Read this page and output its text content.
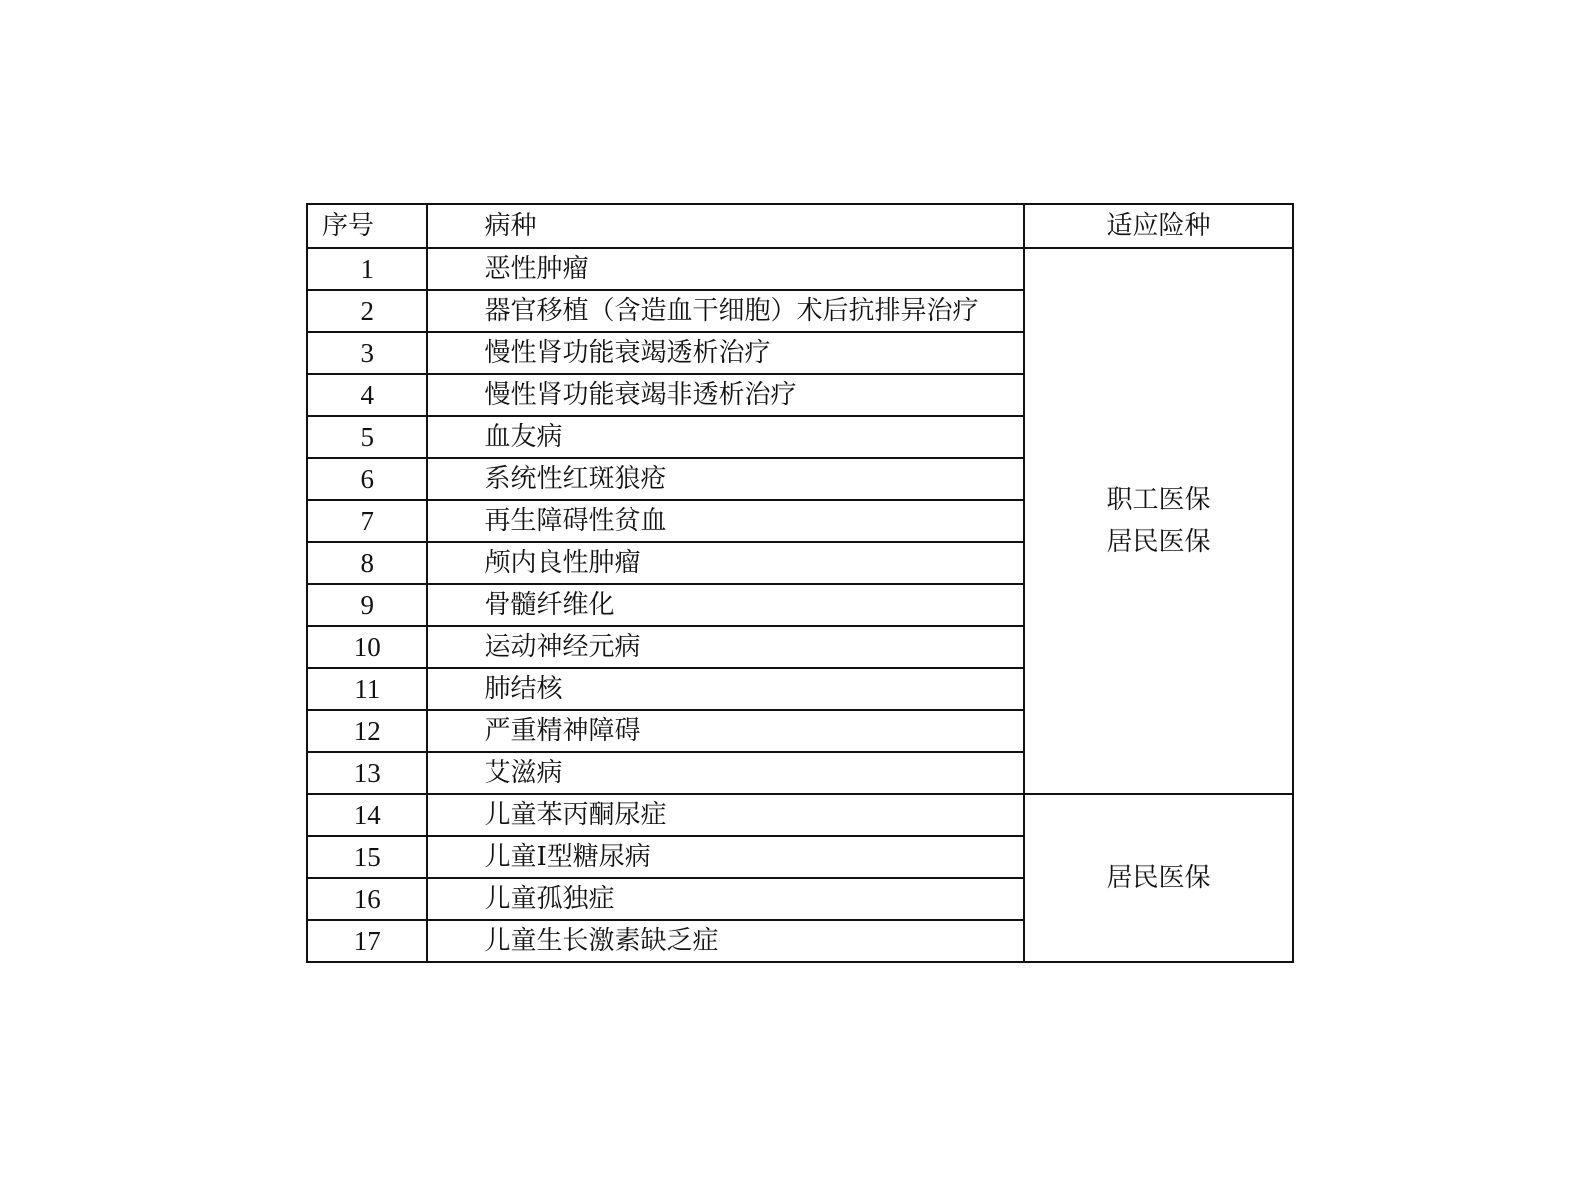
序号	病种	适应险种
1	恶性肿瘤	职工医保
居民医保

2	器官移植（含造血干细胞）术后抗排异治疗	
3	慢性肾功能衰竭透析治疗	
4	慢性肾功能衰竭非透析治疗	
5	血友病	
6	系统性红斑狼疮	
7	再生障碍性贫血	
8	颅内良性肿瘤	
9	骨髓纤维化	
10	运动神经元病	
11	肺结核	
12	严重精神障碍	
13	艾滋病	
14	儿童苯丙酮尿症	居民医保

15	儿童Ⅰ型糖尿病	
16	儿童孤独症	
17	儿童生长激素缺乏症	
